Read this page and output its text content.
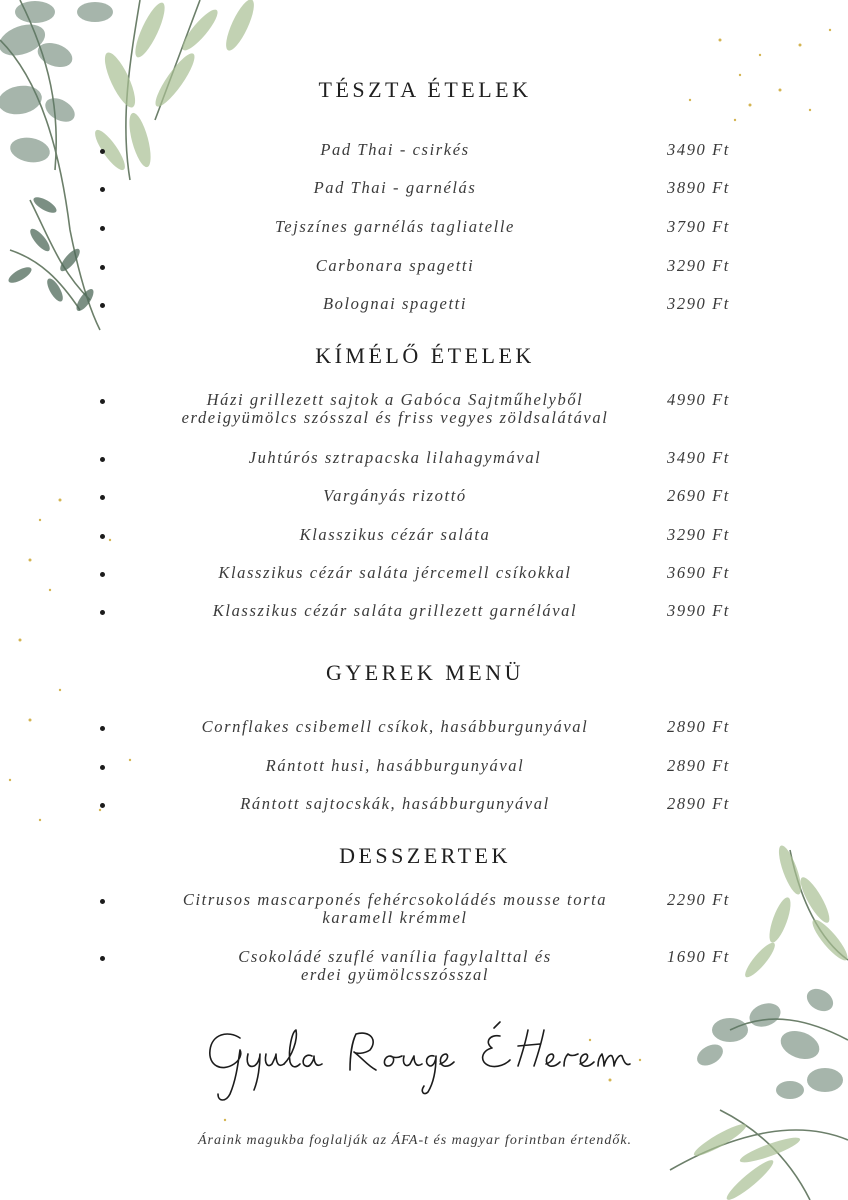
TÉSZTA ÉTELEK
Pad Thai - csirkés	3490 Ft
Pad Thai - garnélás	3890 Ft
Tejszínes garnélás tagliatelle	3790 Ft
Carbonara spagetti	3290 Ft
Bolognai spagetti	3290 Ft
KÍMÉLŐ ÉTELEK
Házi grillezett sajtok a Gabóca Sajtműhelyből
erdeigyümölcs szósszal és friss vegyes zöldsalátával
4990 Ft
Juhtúrós sztrapacska lilahagymával	3490 Ft
Vargányás rizottó	2690 Ft
Klasszikus cézár saláta	3290 Ft
Klasszikus cézár saláta jércemell csíkokkal	3690 Ft
Klasszikus cézár saláta grillezett garnélával	3990 Ft
GYEREK MENÜ
Cornflakes csibemell csíkok, hasábburgunyával	2890 Ft
Rántott husi, hasábburgunyával	2890 Ft
Rántott sajtocskák, hasábburgunyával	2890 Ft
DESSZERTEK
Citrusos mascarponés fehércsokoládés mousse torta
karamell krémmel
2290 Ft
Csokoládé szuflé vanília fagylalttal és
erdei gyümölcsszósszal
1690 Ft

Áraink magukba foglalják az ÁFA-t és magyar forintban értendők.
